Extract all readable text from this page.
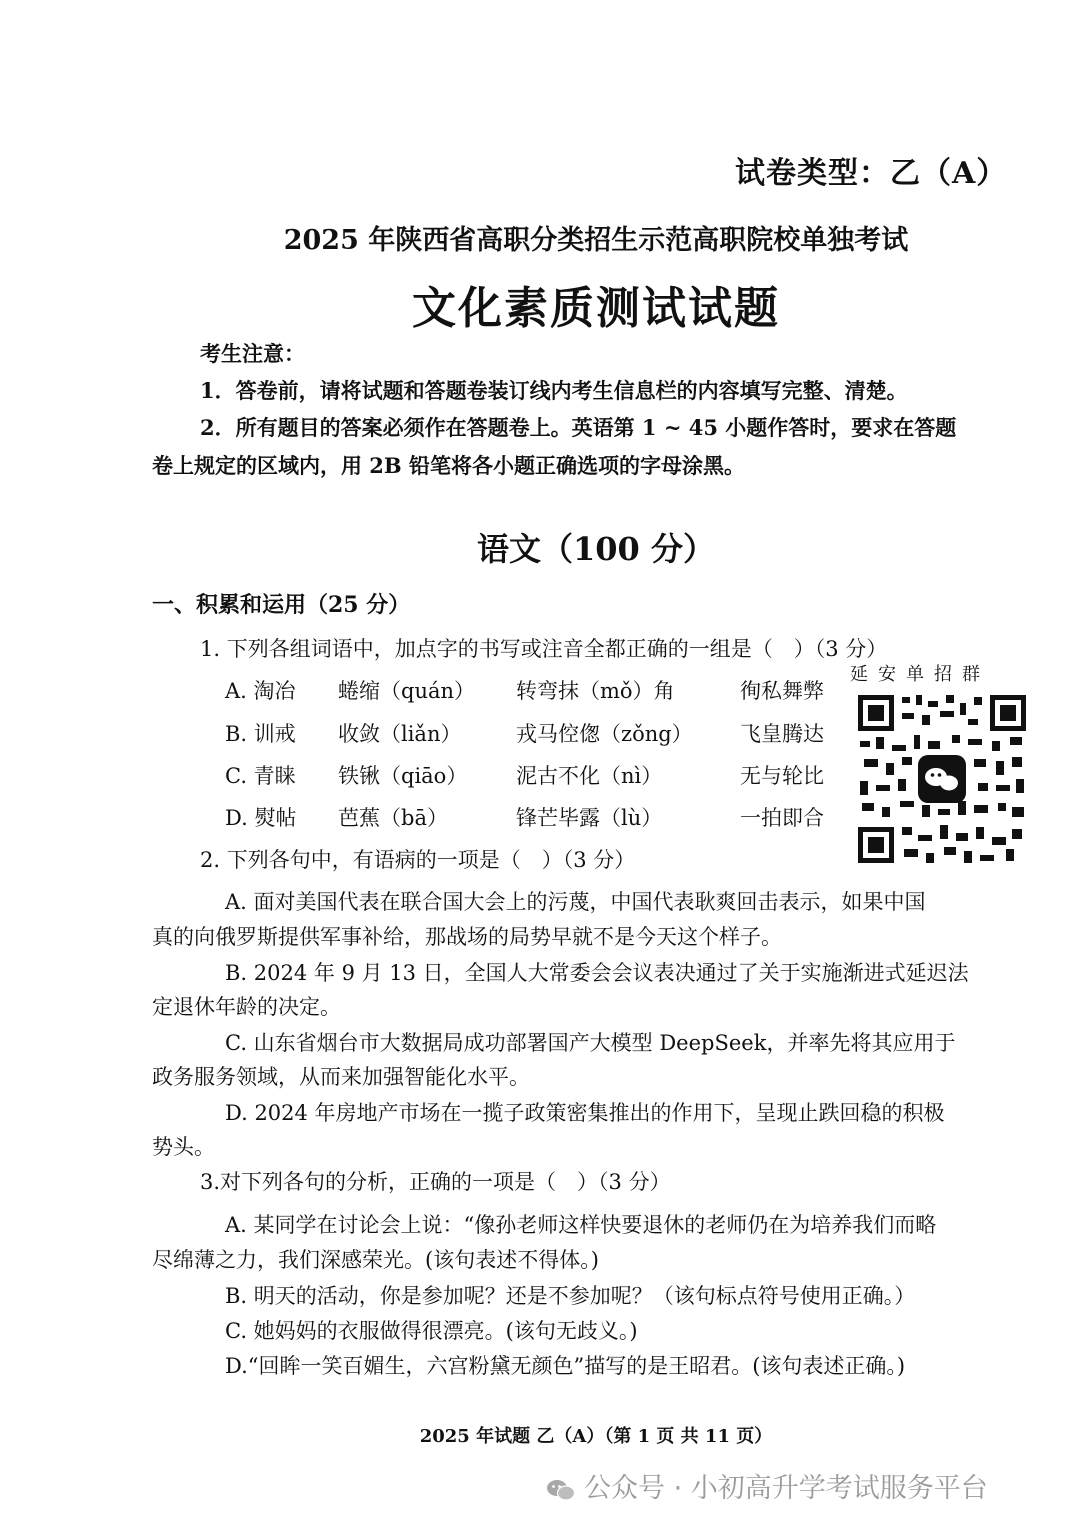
试卷类型：乙（A）
2025 年陕西省高职分类招生示范高职院校单独考试
文化素质测试试题
考生注意：
1．答卷前，请将试题和答题卷装订线内考生信息栏的内容填写完整、清楚。
2．所有题目的答案必须作在答题卷上。英语第 1 ~ 45 小题作答时，要求在答题
卷上规定的区域内，用 2B 铅笔将各小题正确选项的字母涂黑。
语文（100 分）
一、积累和运用（25 分）
1. 下列各组词语中，加点字的书写或注音全都正确的一组是（　）（3 分）
A. 淘冶 蜷缩（quán） 转弯抹（mǒ）角	徇私舞弊
B. 训戒 收敛（liǎn）	戎马倥偬（zǒng） 飞皇腾达
C. 青睐 铁锹（qiāo） 泥古不化（nì）	无与轮比
D. 熨帖 芭蕉（bā）	锋芒毕露（lù）	一拍即合
延安单招群
2. 下列各句中，有语病的一项是（　）（3 分）
A. 面对美国代表在联合国大会上的污蔑，中国代表耿爽回击表示，如果中国
真的向俄罗斯提供军事补给，那战场的局势早就不是今天这个样子。
B. 2024 年 9 月 13 日，全国人大常委会会议表决通过了关于实施渐进式延迟法
定退休年龄的决定。
C. 山东省烟台市大数据局成功部署国产大模型 DeepSeek，并率先将其应用于
政务服务领域，从而来加强智能化水平。
D. 2024 年房地产市场在一揽子政策密集推出的作用下，呈现止跌回稳的积极
势头。
3.对下列各句的分析，正确的一项是（　）（3 分）
A. 某同学在讨论会上说：“像孙老师这样快要退休的老师仍在为培养我们而略
尽绵薄之力，我们深感荣光。(该句表述不得体。)
B. 明天的活动，你是参加呢？还是不参加呢？（该句标点符号使用正确。）
C. 她妈妈的衣服做得很漂亮。(该句无歧义。)
D.“回眸一笑百媚生，六宫粉黛无颜色”描写的是王昭君。(该句表述正确。)
2025 年试题 乙（A）（第 1 页 共 11 页）
公众号 · 小初高升学考试服务平台
